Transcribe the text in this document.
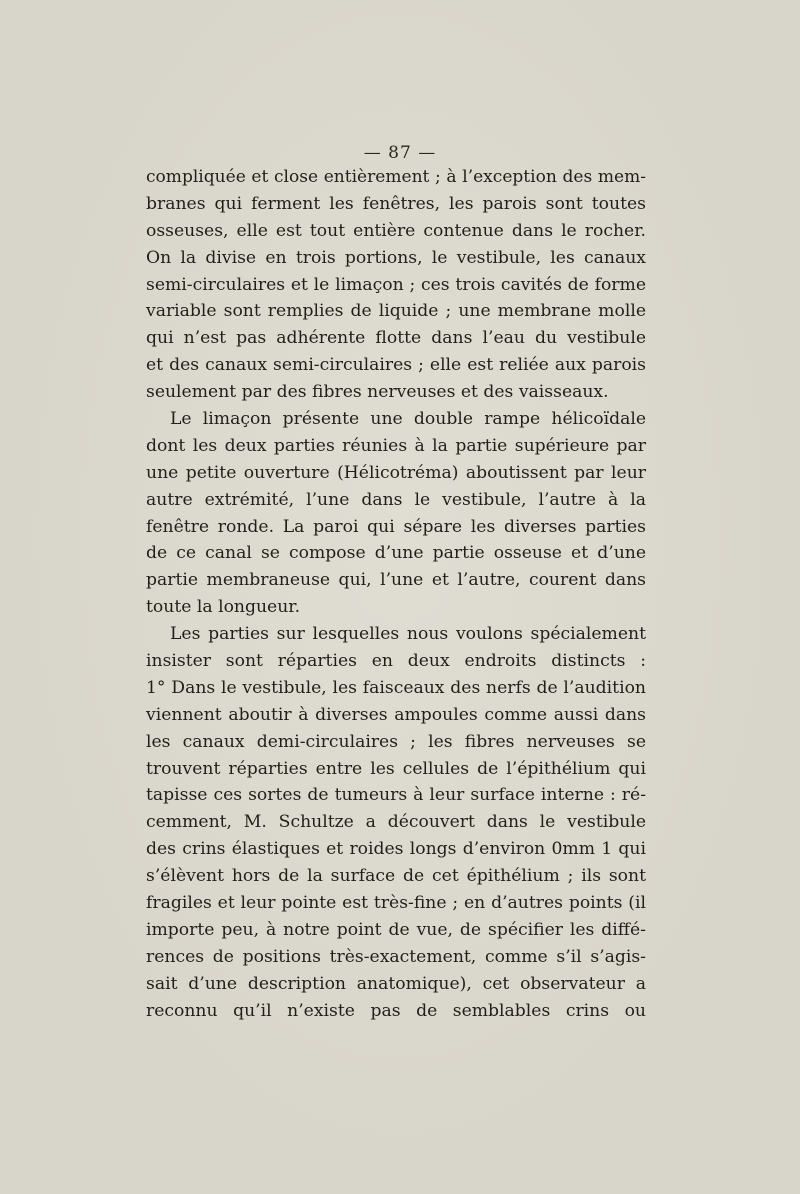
— 87 —
compliquée et close entièrement ; à l’exception des mem-
branes qui ferment les fenêtres, les parois sont toutes
osseuses, elle est tout entière contenue dans le rocher.
On la divise en trois portions, le vestibule, les canaux
semi-circulaires et le limaçon ; ces trois cavités de forme
variable sont remplies de liquide ; une membrane molle
qui n’est pas adhérente flotte dans l’eau du vestibule
et des canaux semi-circulaires ; elle est reliée aux parois
seulement par des fibres nerveuses et des vaisseaux.
Le limaçon présente une double rampe hélicoïdale
dont les deux parties réunies à la partie supérieure par
une petite ouverture (Hélicotréma) aboutissent par leur
autre extrémité, l’une dans le vestibule, l’autre à la
fenêtre ronde. La paroi qui sépare les diverses parties
de ce canal se compose d’une partie osseuse et d’une
partie membraneuse qui, l’une et l’autre, courent dans
toute la longueur.
Les parties sur lesquelles nous voulons spécialement
insister sont réparties en deux endroits distincts :
1° Dans le vestibule, les faisceaux des nerfs de l’audition
viennent aboutir à diverses ampoules comme aussi dans
les canaux demi-circulaires ; les fibres nerveuses se
trouvent réparties entre les cellules de l’épithélium qui
tapisse ces sortes de tumeurs à leur surface interne : ré-
cemment, M. Schultze a découvert dans le vestibule
des crins élastiques et roides longs d’environ 0mm 1 qui
s’élèvent hors de la surface de cet épithélium ; ils sont
fragiles et leur pointe est très-fine ; en d’autres points (il
importe peu, à notre point de vue, de spécifier les diffé-
rences de positions très-exactement, comme s’il s’agis-
sait d’une description anatomique), cet observateur a
reconnu qu’il n’existe pas de semblables crins ou
